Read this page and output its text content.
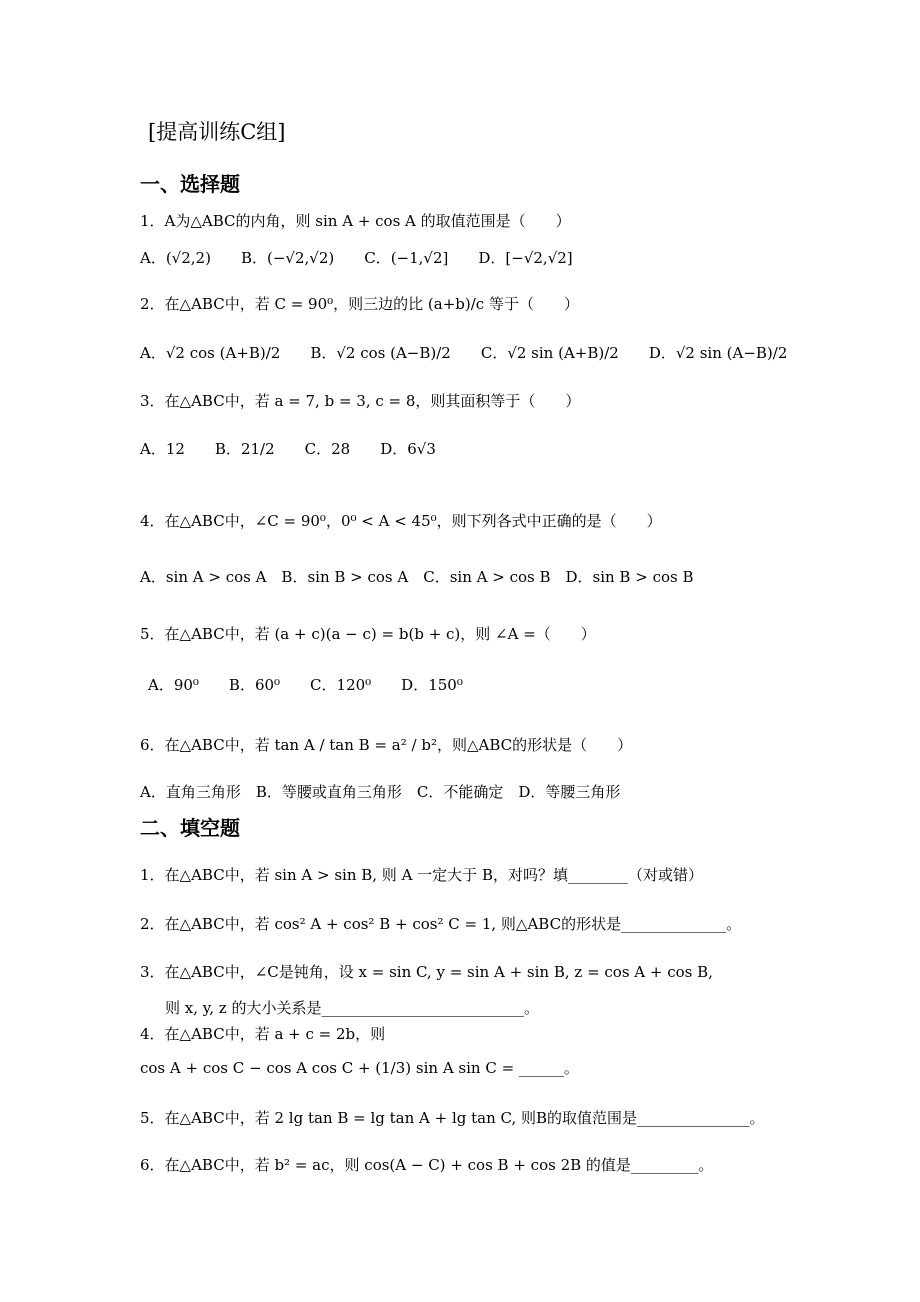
[提高训练C组]
一、选择题
1．A为△ABC的内角，则 sin A + cos A 的取值范围是（　　）
A．(√2,2)　　B．(−√2,√2)　　C．(−1,√2]　　D．[−√2,√2]
2．在△ABC中，若 C = 90⁰，则三边的比 (a+b)/c 等于（　　）
A．√2 cos (A+B)/2　　B．√2 cos (A−B)/2　　C．√2 sin (A+B)/2　　D．√2 sin (A−B)/2
3．在△ABC中，若 a = 7, b = 3, c = 8，则其面积等于（　　）
A．12　　B．21/2　　C．28　　D．6√3
4．在△ABC中，∠C = 90⁰，0⁰ < A < 45⁰，则下列各式中正确的是（　　）
A．sin A > cos A　B．sin B > cos A　C．sin A > cos B　D．sin B > cos B
5．在△ABC中，若 (a + c)(a − c) = b(b + c)，则 ∠A =（　　）
A．90⁰　　B．60⁰　　C．120⁰　　D．150⁰
6．在△ABC中，若 tan A / tan B = a² / b²，则△ABC的形状是（　　）
A．直角三角形　B．等腰或直角三角形　C．不能确定　D．等腰三角形
二、填空题
1．在△ABC中，若 sin A > sin B, 则 A 一定大于 B，对吗？填________（对或错）
2．在△ABC中，若 cos² A + cos² B + cos² C = 1, 则△ABC的形状是______________。
3．在△ABC中，∠C是钝角，设 x = sin C, y = sin A + sin B, z = cos A + cos B,
则 x, y, z 的大小关系是___________________________。
4．在△ABC中，若 a + c = 2b，则
cos A + cos C − cos A cos C + (1/3) sin A sin C = ______。
5．在△ABC中，若 2 lg tan B = lg tan A + lg tan C, 则B的取值范围是_______________。
6．在△ABC中，若 b² = ac，则 cos(A − C) + cos B + cos 2B 的值是_________。
